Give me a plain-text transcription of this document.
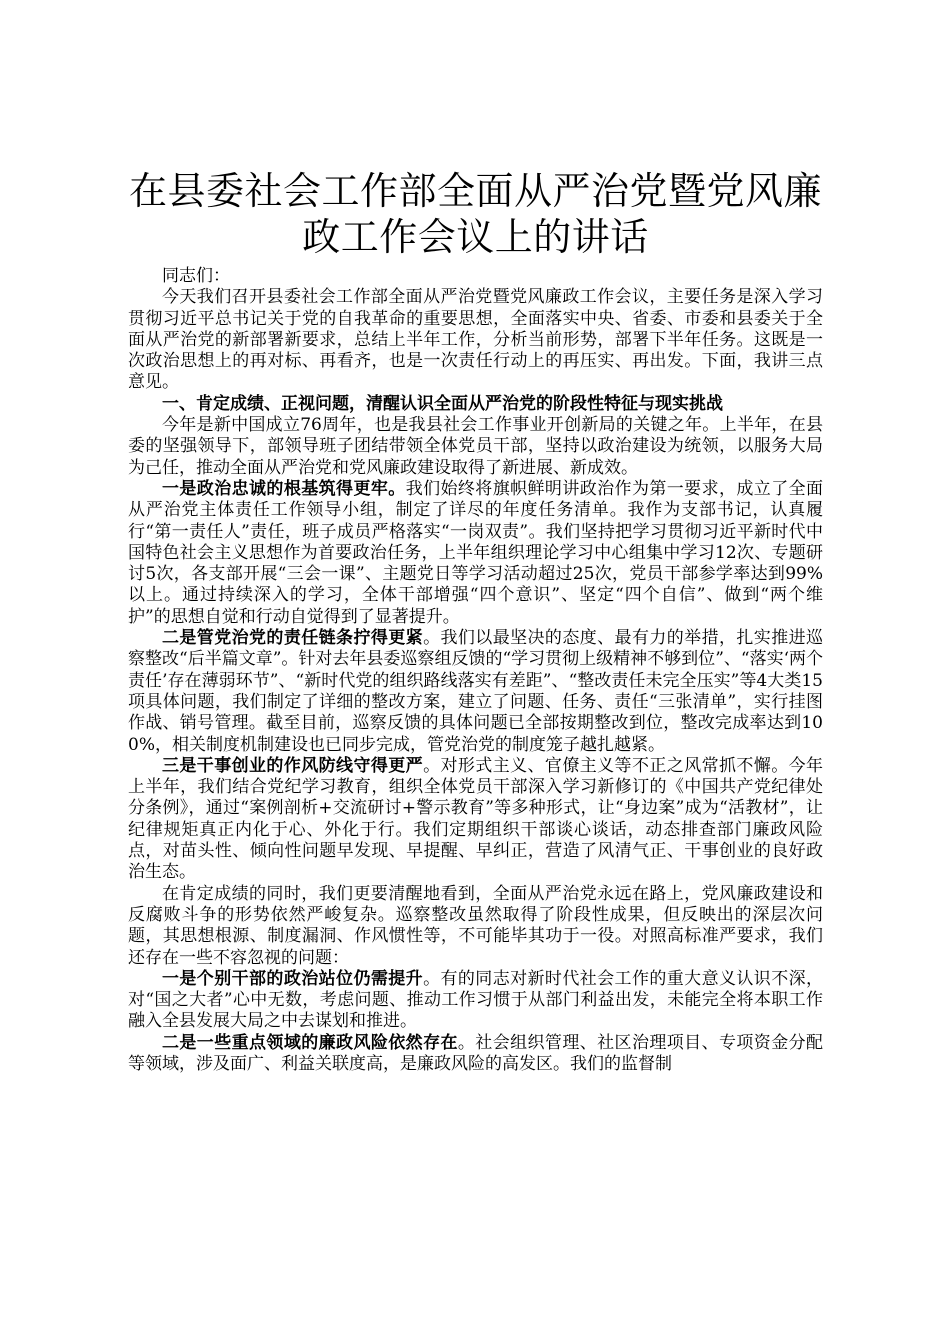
在县委社会工作部全面从严治党暨党风廉政工作会议上的讲话

同志们：

今天我们召开县委社会工作部全面从严治党暨党风廉政工作会议，主要任务是深入学习贯彻习近平总书记关于党的自我革命的重要思想，全面落实中央、省委、市委和县委关于全面从严治党的新部署新要求，总结上半年工作，分析当前形势，部署下半年任务。这既是一次政治思想上的再对标、再看齐，也是一次责任行动上的再压实、再出发。下面，我讲三点意见。

一、肯定成绩、正视问题，清醒认识全面从严治党的阶段性特征与现实挑战

今年是新中国成立76周年，也是我县社会工作事业开创新局的关键之年。上半年，在县委的坚强领导下，部领导班子团结带领全体党员干部，坚持以政治建设为统领，以服务大局为己任，推动全面从严治党和党风廉政建设取得了新进展、新成效。

一是政治忠诚的根基筑得更牢。我们始终将旗帜鲜明讲政治作为第一要求，成立了全面从严治党主体责任工作领导小组，制定了详尽的年度任务清单。我作为支部书记，认真履行“第一责任人”责任，班子成员严格落实“一岗双责”。我们坚持把学习贯彻习近平新时代中国特色社会主义思想作为首要政治任务，上半年组织理论学习中心组集中学习12次、专题研讨5次，各支部开展“三会一课”、主题党日等学习活动超过25次，党员干部参学率达到99%以上。通过持续深入的学习，全体干部增强“四个意识”、坚定“四个自信”、做到“两个维护”的思想自觉和行动自觉得到了显著提升。

二是管党治党的责任链条拧得更紧。我们以最坚决的态度、最有力的举措，扎实推进巡察整改“后半篇文章”。针对去年县委巡察组反馈的“学习贯彻上级精神不够到位”、“落实‘两个责任’存在薄弱环节”、“新时代党的组织路线落实有差距”、“整改责任未完全压实”等4大类15项具体问题，我们制定了详细的整改方案，建立了问题、任务、责任“三张清单”，实行挂图作战、销号管理。截至目前，巡察反馈的具体问题已全部按期整改到位，整改完成率达到100%，相关制度机制建设也已同步完成，管党治党的制度笼子越扎越紧。

三是干事创业的作风防线守得更严。对形式主义、官僚主义等不正之风常抓不懈。今年上半年，我们结合党纪学习教育，组织全体党员干部深入学习新修订的《中国共产党纪律处分条例》，通过“案例剖析+交流研讨+警示教育”等多种形式，让“身边案”成为“活教材”，让纪律规矩真正内化于心、外化于行。我们定期组织干部谈心谈话，动态排查部门廉政风险点，对苗头性、倾向性问题早发现、早提醒、早纠正，营造了风清气正、干事创业的良好政治生态。

在肯定成绩的同时，我们更要清醒地看到，全面从严治党永远在路上，党风廉政建设和反腐败斗争的形势依然严峻复杂。巡察整改虽然取得了阶段性成果，但反映出的深层次问题，其思想根源、制度漏洞、作风惯性等，不可能毕其功于一役。对照高标准严要求，我们还存在一些不容忽视的问题：

一是个别干部的政治站位仍需提升。有的同志对新时代社会工作的重大意义认识不深，对“国之大者”心中无数，考虑问题、推动工作习惯于从部门利益出发，未能完全将本职工作融入全县发展大局之中去谋划和推进。

二是一些重点领域的廉政风险依然存在。社会组织管理、社区治理项目、专项资金分配等领域，涉及面广、利益关联度高，是廉政风险的高发区。我们的监督制
